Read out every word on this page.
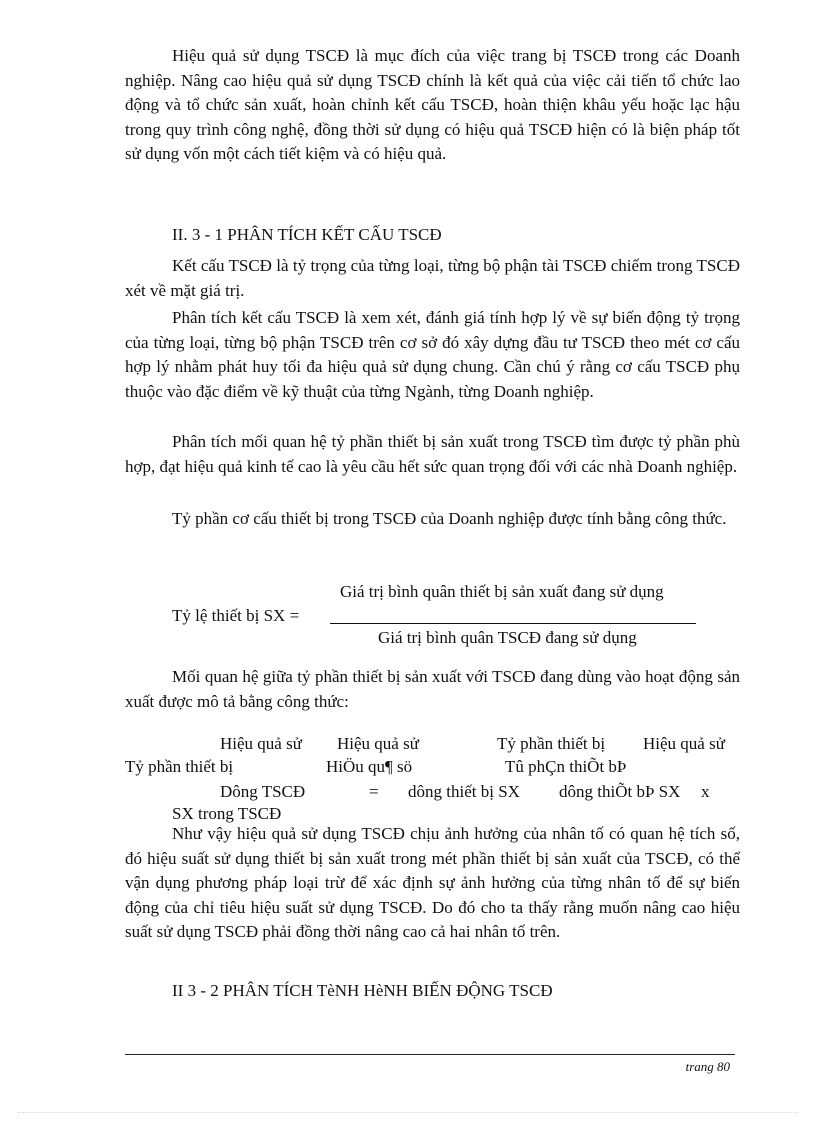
Hiệu quả sử dụng TSCĐ là mục đích của việc trang bị TSCĐ trong các Doanh nghiệp. Nâng cao hiệu quả sử dụng TSCĐ chính là kết quả của việc cải tiến tổ chức lao động và tổ chức sản xuất, hoàn chỉnh kết cấu TSCĐ, hoàn thiện khâu yếu hoặc lạc hậu trong quy trình công nghệ, đồng thời sử dụng có hiệu quả TSCĐ hiện có là biện pháp tốt sử dụng vốn một cách tiết kiệm và có hiệu quả.

II. 3 - 1 PHÂN TÍCH KẾT CẤU TSCĐ

Kết cấu TSCĐ là tỷ trọng của từng loại, từng bộ phận tài TSCĐ chiếm trong TSCĐ xét về mặt giá trị.

Phân tích kết cấu TSCĐ là xem xét, đánh giá tính hợp lý về sự biến động tỷ trọng của từng loại, từng bộ phận TSCĐ trên cơ sở đó xây dựng đầu tư TSCĐ theo mét cơ cấu hợp lý nhằm phát huy tối đa hiệu quả sử dụng chung. Cần chú ý rằng cơ cấu TSCĐ phụ thuộc vào đặc điểm về kỹ thuật của từng Ngành, từng Doanh nghiệp.

Phân tích mối quan hệ tỷ phần thiết bị sản xuất trong TSCĐ tìm được tỷ phần phù hợp, đạt hiệu quả kinh tế cao là yêu cầu hết sức quan trọng đối với các nhà Doanh nghiệp.

Tỷ phần cơ cấu thiết bị trong TSCĐ của Doanh nghiệp được tính bằng công thức.

Tỷ lệ thiết bị SX =
Giá trị bình quân thiết bị sản xuất đang sử dụng
Giá trị bình quân TSCĐ đang sử dụng

Mối quan hệ giữa tỷ phần thiết bị sản xuất với TSCĐ đang dùng vào hoạt động sản xuất được mô tả bằng công thức:

Hiệu quả sử Hiệu quả sử	Tỷ phần thiết bị Hiệu quả sử
Tỷ phần thiết bị	HiÖu qu¶ sö	Tû phÇn thiÕt bÞ
Dông TSCĐ	= dông thiết bị SX dông thiÕt bÞ SX x
SX trong TSCĐ

Như vậy hiệu quả sử dụng TSCĐ chịu ảnh hưởng của nhân tố có quan hệ tích số, đó hiệu suất sử dụng thiết bị sản xuất trong mét phần thiết bị sản xuất của TSCĐ, có thể vận dụng phương pháp loại trừ để xác định sự ảnh hưởng của từng nhân tố để sự biến động của chỉ tiêu hiệu suất sử dụng TSCĐ. Do đó cho ta thấy rằng muốn nâng cao hiệu suất sử dụng TSCĐ phải đồng thời nâng cao cả hai nhân tố trên.

II 3 - 2 PHÂN TÍCH TèNH HèNH BIẾN ĐỘNG TSCĐ
trang 80
